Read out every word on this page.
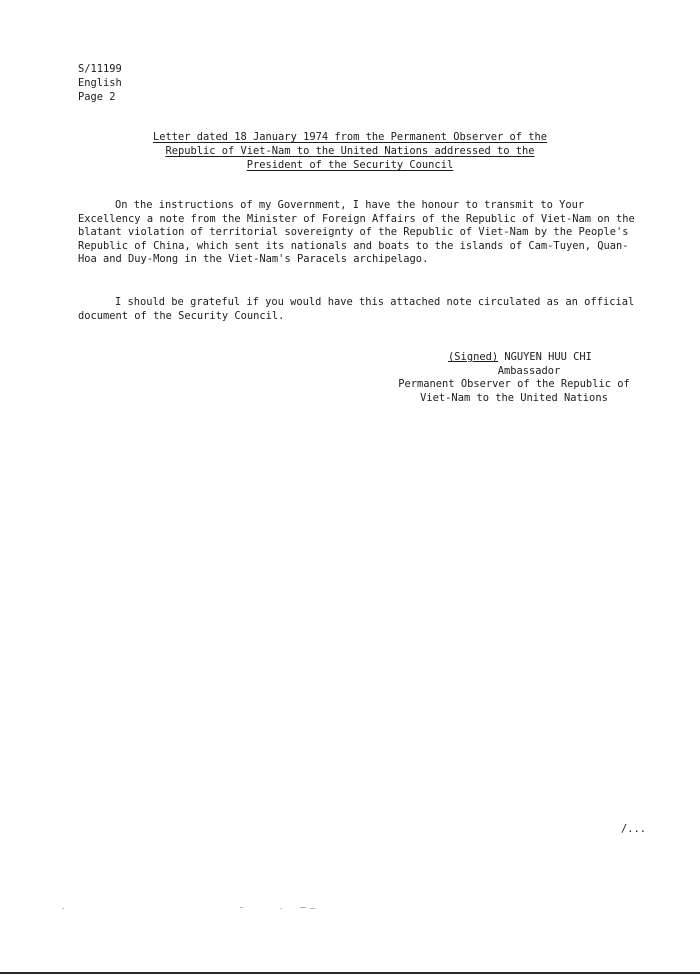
S/11199
English
Page 2
Letter dated 18 January 1974 from the Permanent Observer of the
Republic of Viet-Nam to the United Nations addressed to the
President of the Security Council

On the instructions of my Government, I have the honour to transmit to Your Excellency a note from the Minister of Foreign Affairs of the Republic of Viet-Nam on the blatant violation of territorial sovereignty of the Republic of Viet-Nam by the People's Republic of China, which sent its nationals and boats to the islands of Cam-Tuyen, Quan-Hoa and Duy-Mong in the Viet-Nam's Paracels archipelago.

I should be grateful if you would have this attached note circulated as an official document of the Security Council.

(Signed) NGUYEN HUU CHI
Ambassador
Permanent Observer of the Republic of
Viet-Nam to the United Nations
/...
